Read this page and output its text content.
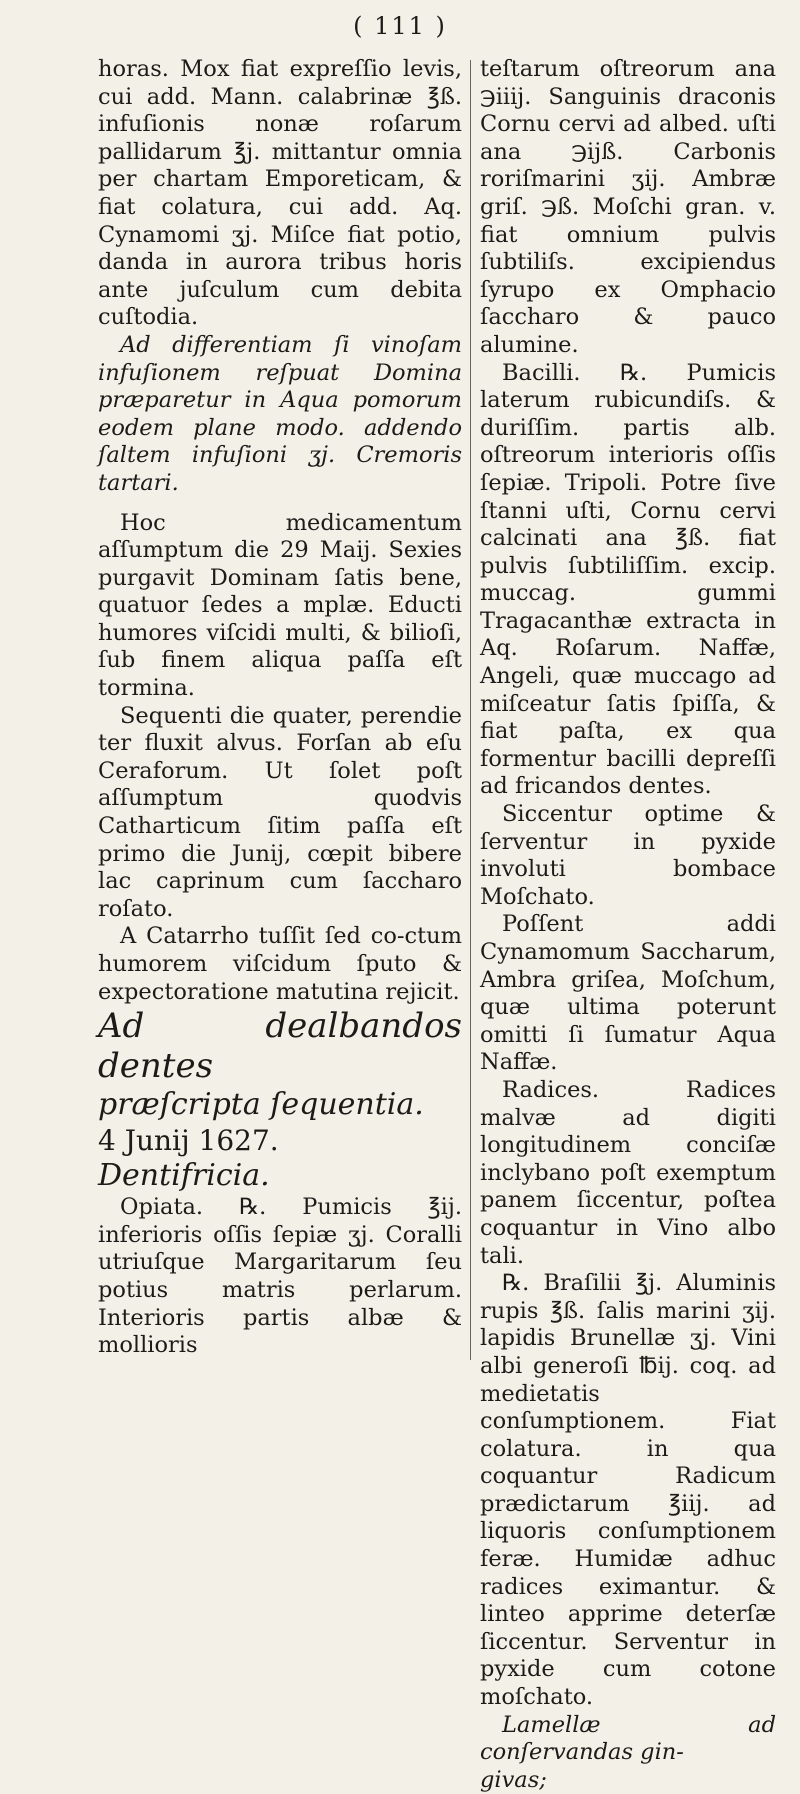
( 111 )

horas. Mox fiat expreſſio levis, cui add. Mann. calabrinæ ℥ß. infuſionis nonæ roſarum pallidarum ℥j. mittantur omnia per chartam Emporeticam, & fiat colatura, cui add. Aq. Cynamomi ʒj. Miſce fiat potio, danda in aurora tribus horis ante juſculum cum debita cuſtodia.

Ad differentiam ſi vinoſam infuſionem reſpuat Domina præparetur in Aqua pomorum eodem plane modo. addendo ſaltem infuſioni ʒj. Cremoris tartari.

Hoc medicamentum aſſumptum die 29 Maij. Sexies purgavit Dominam ſatis bene, quatuor ſedes a mplæ. Educti humores viſcidi multi, & bilioſi, ſub finem aliqua paſſa eſt tormina.

Sequenti die quater, perendie ter fluxit alvus. Forſan ab eſu Ceraforum. Ut ſolet poſt aſſumptum quodvis Catharticum ſitim paſſa eſt primo die Junij, cœpit bibere lac caprinum cum ſaccharo roſato.

A Catarrho tuſſit ſed co-ctum humorem viſcidum ſputo & expectoratione matutina rejicit.

Ad dealbandos dentes

præſcripta ſequentia.

4 Junij 1627.

Dentifricia.

Opiata. ℞. Pumicis ℥ij. inferioris oſſis ſepiæ ʒj. Coralli utriuſque Margaritarum ſeu potius matris perlarum. Interioris partis albæ & mollioris

teſtarum oſtreorum ana ℈iiij. Sanguinis draconis Cornu cervi ad albed. uſti ana ℈ijß. Carbonis roriſmarini ʒij. Ambræ griſ. ℈ß. Moſchi gran. v. fiat omnium pulvis ſubtiliſs. excipiendus ſyrupo ex Omphacio ſaccharo & pauco alumine.

Bacilli. ℞. Pumicis laterum rubicundiſs. & duriſſim. partis alb. oſtreorum interioris oſſis ſepiæ. Tripoli. Potre ſive ſtanni uſti, Cornu cervi calcinati ana ℥ß. fiat pulvis ſubtiliſſim. excip. muccag. gummi Tragacanthæ extracta in Aq. Roſarum. Naffæ, Angeli, quæ muccago ad miſceatur ſatis ſpiſſa, & fiat paſta, ex qua formentur bacilli depreſſi ad fricandos dentes.

Siccentur optime & ſerventur in pyxide involuti bombace Moſchato.

Poſſent addi Cynamomum Saccharum, Ambra griſea, Moſchum, quæ ultima poterunt omitti ſi ſumatur Aqua Naffæ.

Radices. Radices malvæ ad digiti longitudinem conciſæ inclybano poſt exemptum panem ſiccentur, poſtea coquantur in Vino albo tali.

℞. Braſilii ℥j. Aluminis rupis ℥ß. ſalis marini ʒij. lapidis Brunellæ ʒj. Vini albi generoſi ℔ij. coq. ad medietatis conſumptionem. Fiat colatura. in qua coquantur Radicum prædictarum ℥iij. ad liquoris conſumptionem feræ. Humidæ adhuc radices eximantur. & linteo apprime deterſæ ſiccentur. Serventur in pyxide cum cotone moſchato.

Lamellæ ad conſervandas gin-

givas;
